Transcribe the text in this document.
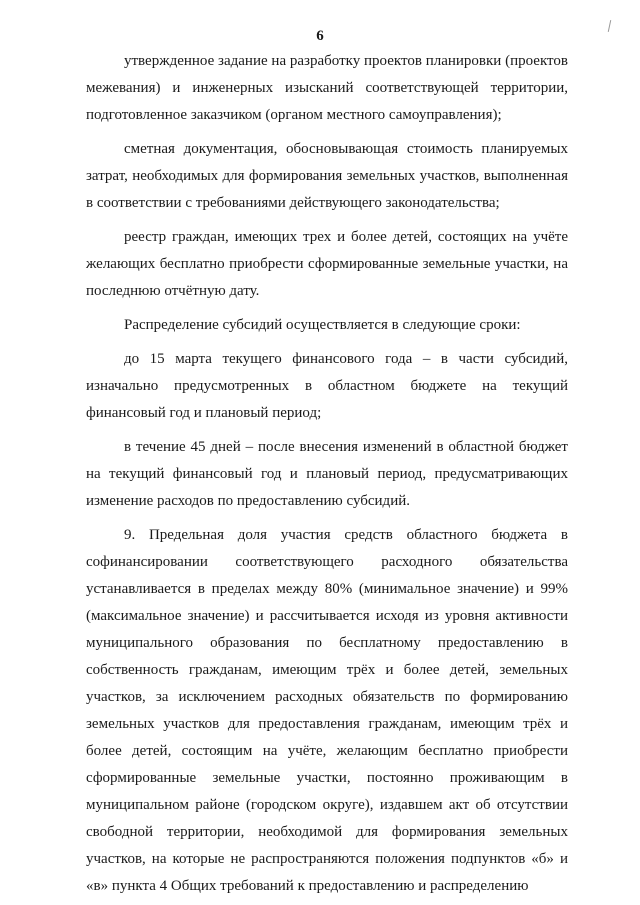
6

утвержденное задание на разработку проектов планировки (проектов межевания) и инженерных изысканий соответствующей территории, подготовленное заказчиком (органом местного самоуправления);

сметная документация, обосновывающая стоимость планируемых затрат, необходимых для формирования земельных участков, выполненная в соответствии с требованиями действующего законодательства;

реестр граждан, имеющих трех и более детей, состоящих на учёте желающих бесплатно приобрести сформированные земельные участки, на последнюю отчётную дату.

Распределение субсидий осуществляется в следующие сроки:

до 15 марта текущего финансового года – в части субсидий, изначально предусмотренных в областном бюджете на текущий финансовый год и плановый период;

в течение 45 дней – после внесения изменений в областной бюджет на текущий финансовый год и плановый период, предусматривающих изменение расходов по предоставлению субсидий.

9. Предельная доля участия средств областного бюджета в софинансировании соответствующего расходного обязательства устанавливается в пределах между 80% (минимальное значение) и 99% (максимальное значение) и рассчитывается исходя из уровня активности муниципального образования по бесплатному предоставлению в собственность гражданам, имеющим трёх и более детей, земельных участков, за исключением расходных обязательств по формированию земельных участков для предоставления гражданам, имеющим трёх и более детей, состоящим на учёте, желающим бесплатно приобрести сформированные земельные участки, постоянно проживающим в муниципальном районе (городском округе), издавшем акт об отсутствии свободной территории, необходимой для формирования земельных участков, на которые не распространяются положения подпунктов «б» и «в» пункта 4 Общих требований к предоставлению и распределению
